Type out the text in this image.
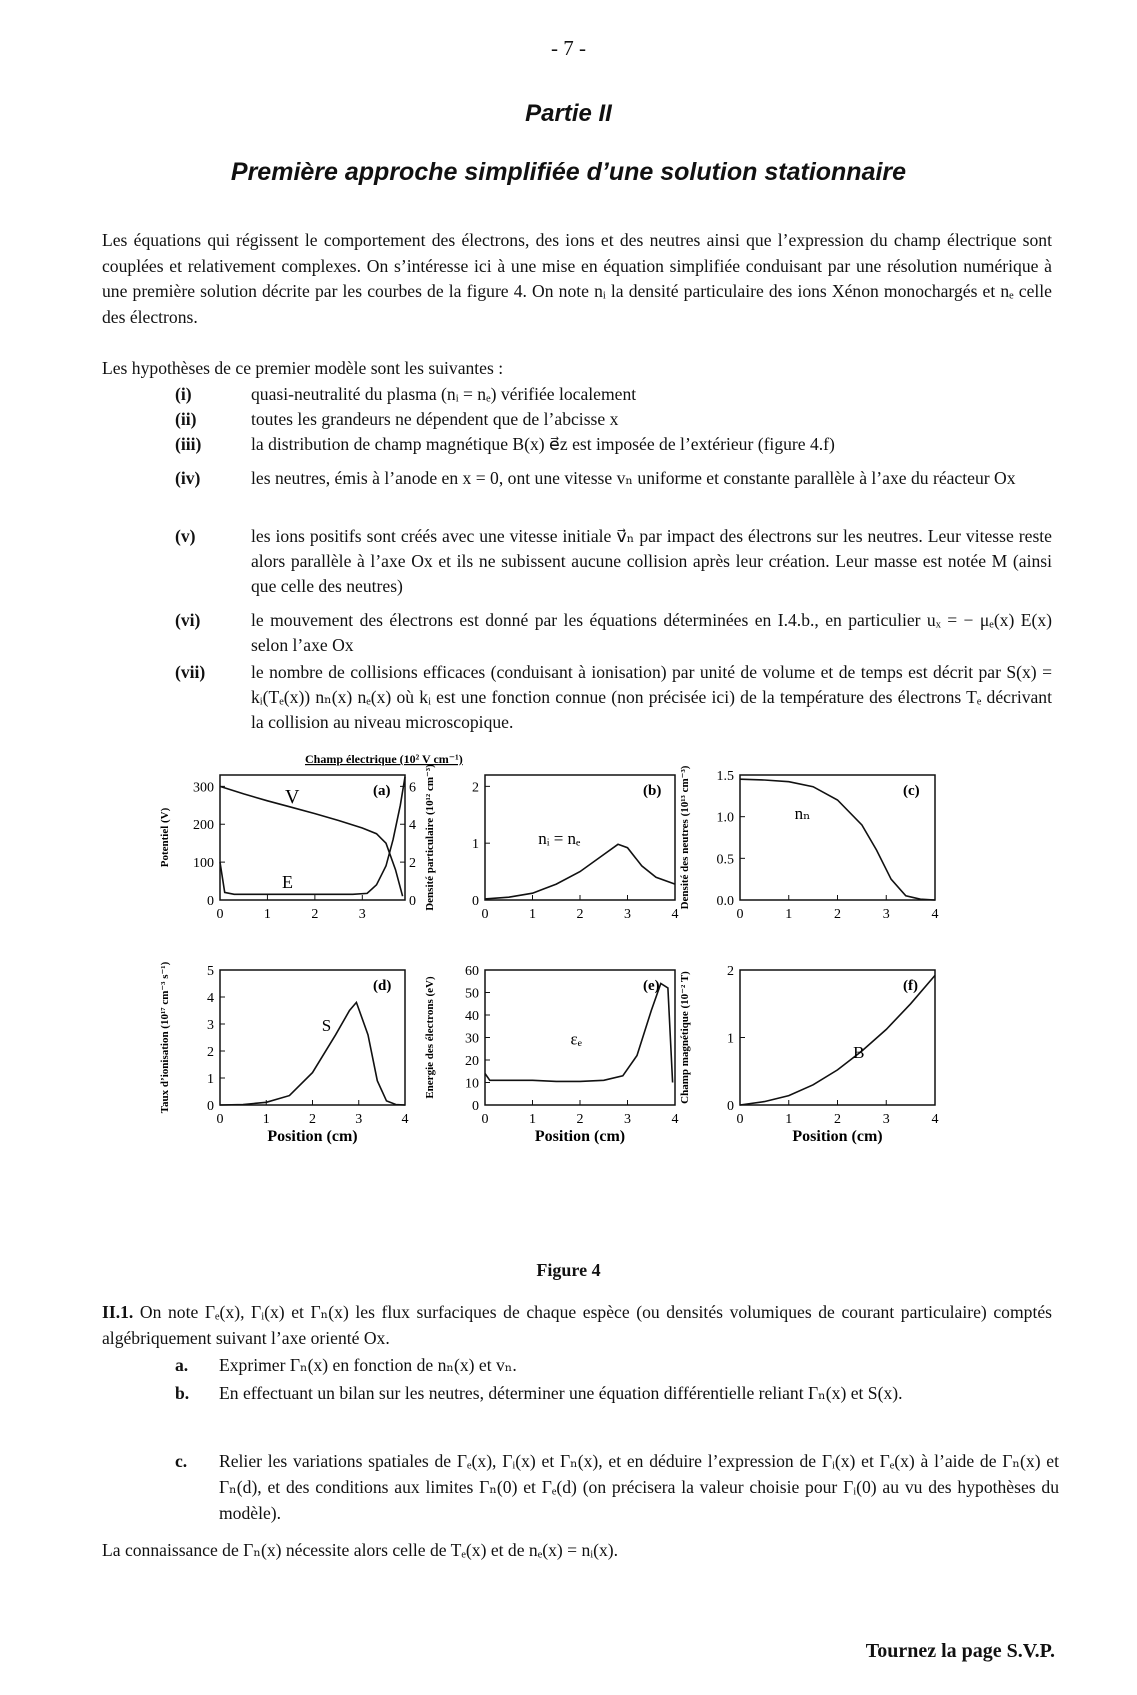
- 7 -
Partie II
Première approche simplifiée d’une solution stationnaire
Les équations qui régissent le comportement des électrons, des ions et des neutres ainsi que l’expression du champ électrique sont couplées et relativement complexes. On s’intéresse ici à une mise en équation simplifiée conduisant par une résolution numérique à une première solution décrite par les courbes de la figure 4. On note nᵢ la densité particulaire des ions Xénon monochargés et nₑ celle des électrons.
Les hypothèses de ce premier modèle sont les suivantes :
(i)	quasi-neutralité du plasma (nᵢ = nₑ) vérifiée localement
(ii)	toutes les grandeurs ne dépendent que de l’abcisse x
(iii)	la distribution de champ magnétique B(x) e⃗z est imposée de l’extérieur (figure 4.f)
(iv)	les neutres, émis à l’anode en x = 0, ont une vitesse vₙ uniforme et constante parallèle à l’axe du réacteur Ox
(v)	les ions positifs sont créés avec une vitesse initiale v⃗ₙ par impact des électrons sur les neutres. Leur vitesse reste alors parallèle à l’axe Ox et ils ne subissent aucune collision après leur création. Leur masse est notée M (ainsi que celle des neutres)
(vi)	le mouvement des électrons est donné par les équations déterminées en I.4.b., en particulier uₓ = − μₑ(x) E(x) selon l’axe Ox
(vii)	le nombre de collisions efficaces (conduisant à ionisation) par unité de volume et de temps est décrit par S(x) = kᵢ(Tₑ(x)) nₙ(x) nₑ(x) où kᵢ est une fonction connue (non précisée ici) de la température des électrons Tₑ décrivant la collision au niveau microscopique.
0
100
200
300
0
2
4
6
Champ électrique (10² V cm⁻¹)
0	1	2	3
Potentiel (V)
(a)
V
E
0
1
2
0	1	2	3	4
Densité particulaire (10¹² cm⁻³)	(b)
nᵢ = nₑ
0.0
0.5
1.0
1.5
0	1	2	3	4
Densité des neutres (10¹³ cm⁻³)	(c)
nₙ
0
1
2
3
4
5
0	1	2	3	4
Taux d’ionisation (10¹⁷ cm⁻³ s⁻¹)
Position (cm)
(d)
S
0
10
20
30
40
50
60
0	1	2	3	4
Energie des électrons (eV)
Position (cm)
(e)
εₑ
0
1
2
0	1	2	3	4
Champ magnétique (10⁻² T)
Position (cm)
(f)
B
Figure 4
II.1. On note Γₑ(x), Γᵢ(x) et Γₙ(x) les flux surfaciques de chaque espèce (ou densités volumiques de courant particulaire) comptés algébriquement suivant l’axe orienté Ox.
a. Exprimer Γₙ(x) en fonction de nₙ(x) et vₙ.
b. En effectuant un bilan sur les neutres, déterminer une équation différentielle reliant Γₙ(x) et S(x).
c. Relier les variations spatiales de Γₑ(x), Γᵢ(x) et Γₙ(x), et en déduire l’expression de Γᵢ(x) et Γₑ(x) à l’aide de Γₙ(x) et Γₙ(d), et des conditions aux limites Γₙ(0) et Γₑ(d) (on précisera la valeur choisie pour Γᵢ(0) au vu des hypothèses du modèle).
La connaissance de Γₙ(x) nécessite alors celle de Tₑ(x) et de nₑ(x) = nᵢ(x).
Tournez la page S.V.P.
